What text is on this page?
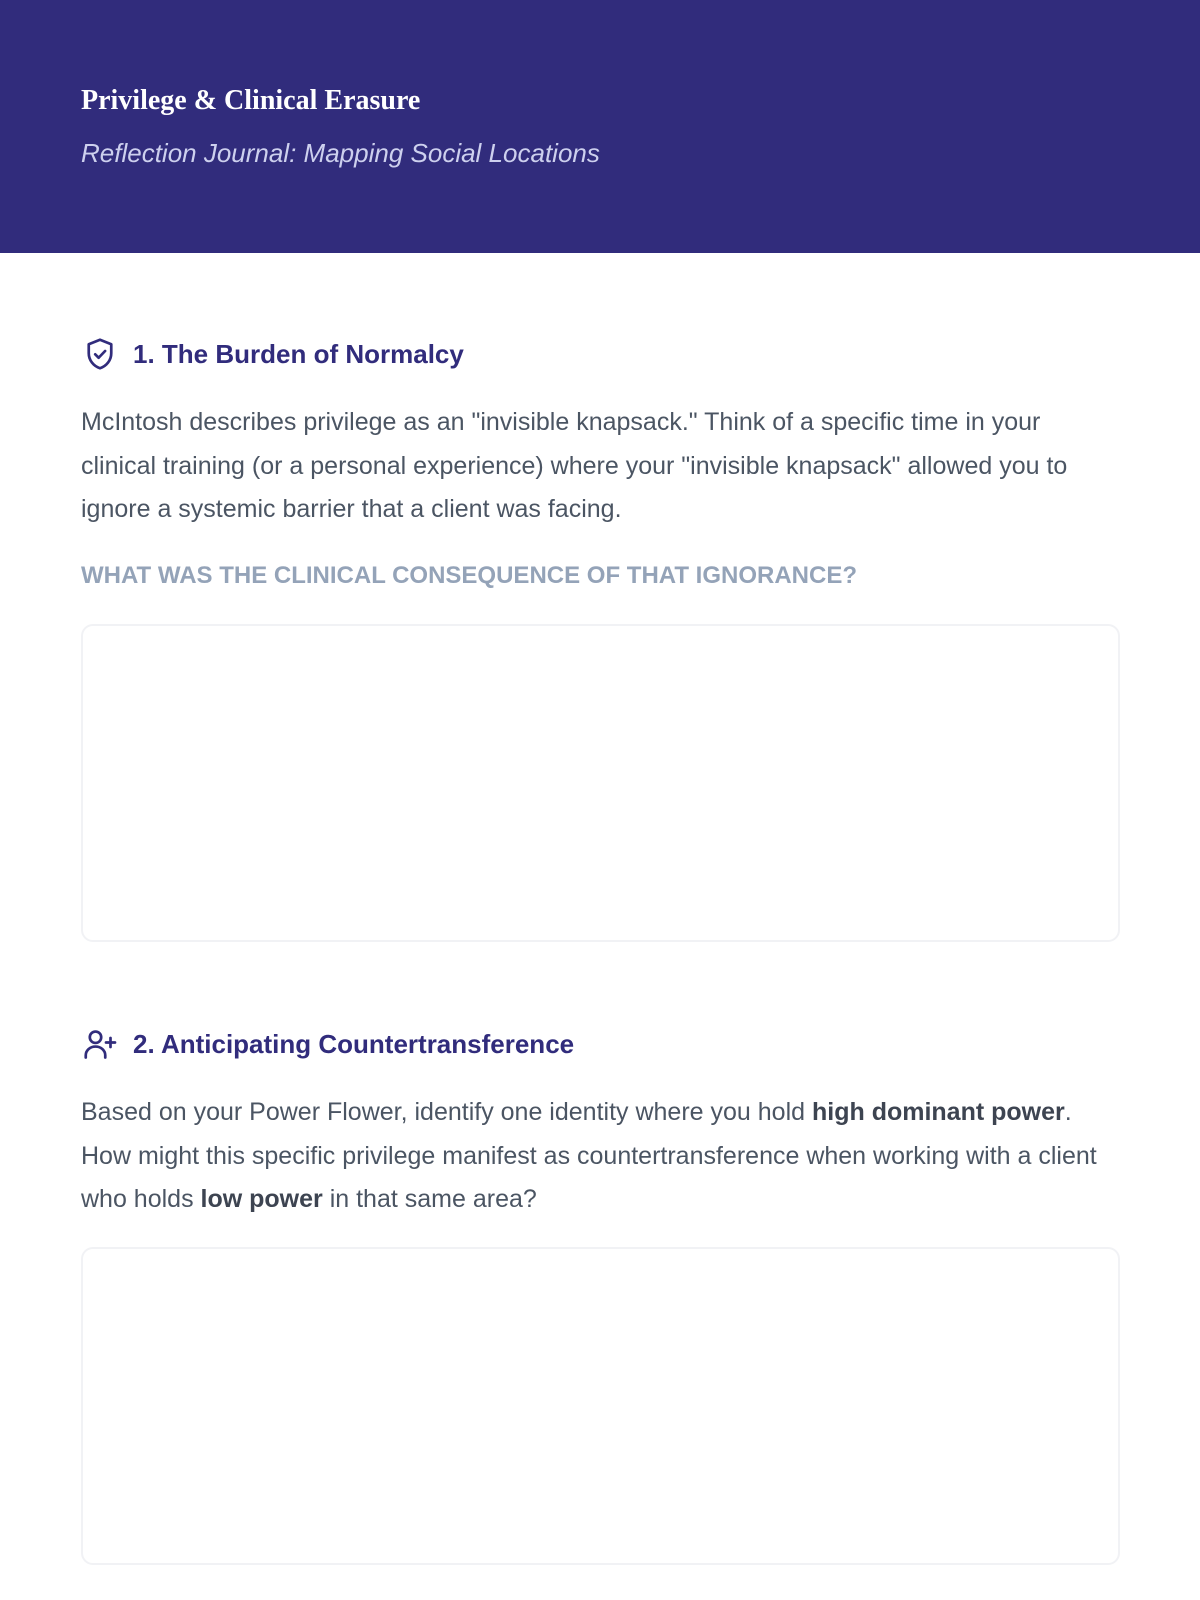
Privilege & Clinical Erasure
Reflection Journal: Mapping Social Locations
1. The Burden of Normalcy
McIntosh describes privilege as an "invisible knapsack." Think of a specific time in your clinical training (or a personal experience) where your "invisible knapsack" allowed you to ignore a systemic barrier that a client was facing.
WHAT WAS THE CLINICAL CONSEQUENCE OF THAT IGNORANCE?
2. Anticipating Countertransference
Based on your Power Flower, identify one identity where you hold high dominant power. How might this specific privilege manifest as countertransference when working with a client who holds low power in that same area?
